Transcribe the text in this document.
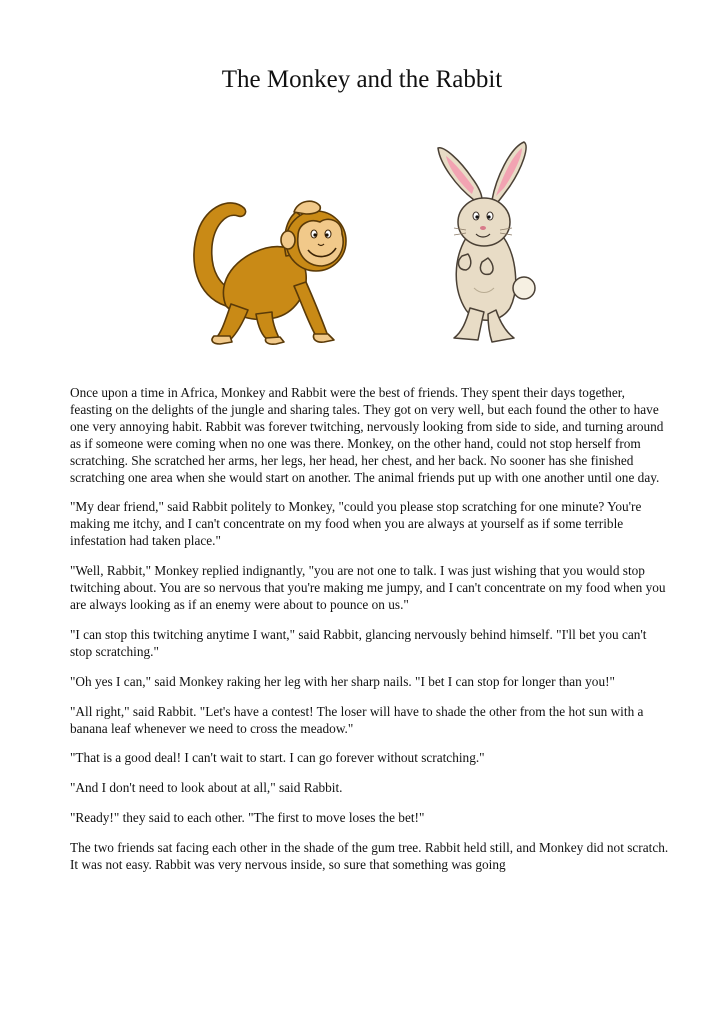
The Monkey and the Rabbit

Once upon a time in Africa, Monkey and Rabbit were the best of friends. They spent their days together, feasting on the delights of the jungle and sharing tales. They got on very well, but each found the other to have one very annoying habit. Rabbit was forever twitching, nervously looking from side to side, and turning around as if someone were coming when no one was there. Monkey, on the other hand, could not stop herself from scratching. She scratched her arms, her legs, her head, her chest, and her back. No sooner has she finished scratching one area when she would start on another. The animal friends put up with one another until one day.

"My dear friend," said Rabbit politely to Monkey, "could you please stop scratching for one minute? You're making me itchy, and I can't concentrate on my food when you are always at yourself as if some terrible infestation had taken place."

"Well, Rabbit," Monkey replied indignantly, "you are not one to talk. I was just wishing that you would stop twitching about. You are so nervous that you're making me jumpy, and I can't concentrate on my food when you are always looking as if an enemy were about to pounce on us."

"I can stop this twitching anytime I want," said Rabbit, glancing nervously behind himself. "I'll bet you can't stop scratching."

"Oh yes I can," said Monkey raking her leg with her sharp nails. "I bet I can stop for longer than you!"

"All right," said Rabbit. "Let's have a contest! The loser will have to shade the other from the hot sun with a banana leaf whenever we need to cross the meadow."

"That is a good deal! I can't wait to start. I can go forever without scratching."

"And I don't need to look about at all," said Rabbit.

"Ready!" they said to each other. "The first to move loses the bet!"

The two friends sat facing each other in the shade of the gum tree. Rabbit held still, and Monkey did not scratch. It was not easy. Rabbit was very nervous inside, so sure that something was going
